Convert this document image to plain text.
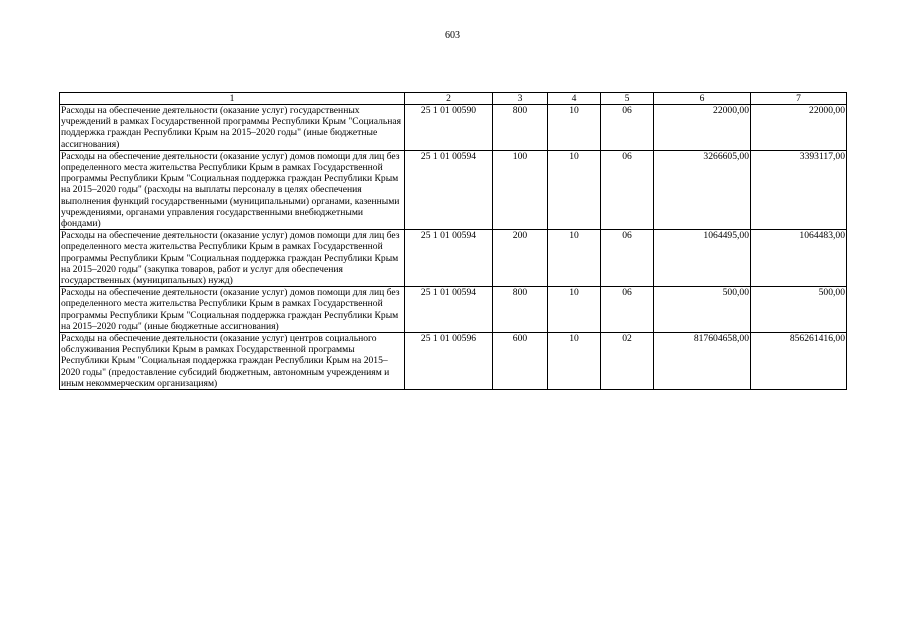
603
1	2	3	4	5	6	7
Расходы на обеспечение деятельности (оказание услуг) государственных учреждений в рамках Государственной программы Республики Крым "Социальная поддержка граждан Республики Крым на 2015–2020 годы" (иные бюджетные ассигнования)	25 1 01 00590	800	10	06	22000,00	22000,00
Расходы на обеспечение деятельности (оказание услуг) домов помощи для лиц без определенного места жительства Республики Крым в рамках Государственной программы Республики Крым "Социальная поддержка граждан Республики Крым на 2015–2020 годы" (расходы на выплаты персоналу в целях обеспечения выполнения функций государственными (муниципальными) органами, казенными учреждениями, органами управления государственными внебюджетными фондами)	25 1 01 00594	100	10	06	3266605,00	3393117,00
Расходы на обеспечение деятельности (оказание услуг) домов помощи для лиц без определенного места жительства Республики Крым в рамках Государственной программы Республики Крым "Социальная поддержка граждан Республики Крым на 2015–2020 годы" (закупка товаров, работ и услуг для обеспечения государственных (муниципальных) нужд)	25 1 01 00594	200	10	06	1064495,00	1064483,00
Расходы на обеспечение деятельности (оказание услуг) домов помощи для лиц без определенного места жительства Республики Крым в рамках Государственной программы Республики Крым "Социальная поддержка граждан Республики Крым на 2015–2020 годы" (иные бюджетные ассигнования)	25 1 01 00594	800	10	06	500,00	500,00
Расходы на обеспечение деятельности (оказание услуг) центров социального обслуживания Республики Крым в рамках Государственной программы Республики Крым "Социальная поддержка граждан Республики Крым на 2015–2020 годы" (предоставление субсидий бюджетным, автономным учреждениям и иным некоммерческим организациям)	25 1 01 00596	600	10	02	817604658,00	856261416,00
